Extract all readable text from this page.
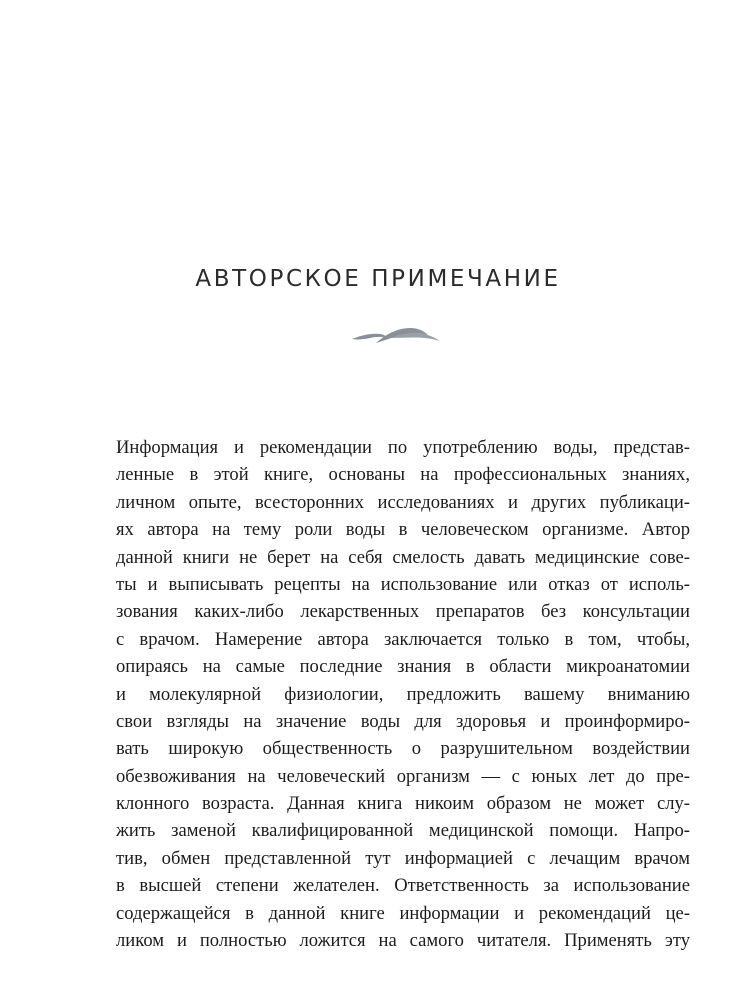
АВТОРСКОЕ ПРИМЕЧАНИЕ
Информация и рекомендации по употреблению воды, представ-
ленные в этой книге, основаны на профессиональных знаниях,
личном опыте, всесторонних исследованиях и других публикаци-
ях автора на тему роли воды в человеческом организме. Автор
данной книги не берет на себя смелость давать медицинские сове-
ты и выписывать рецепты на использование или отказ от исполь-
зования каких-либо лекарственных препаратов без консультации
с врачом. Намерение автора заключается только в том, чтобы,
опираясь на самые последние знания в области микроанатомии
и молекулярной физиологии, предложить вашему вниманию
свои взгляды на значение воды для здоровья и проинформиро-
вать широкую общественность о разрушительном воздействии
обезвоживания на человеческий организм — с юных лет до пре-
клонного возраста. Данная книга никоим образом не может слу-
жить заменой квалифицированной медицинской помощи. Напро-
тив, обмен представленной тут информацией с лечащим врачом
в высшей степени желателен. Ответственность за использование
содержащейся в данной книге информации и рекомендаций це-
ликом и полностью ложится на самого читателя. Применять эту
